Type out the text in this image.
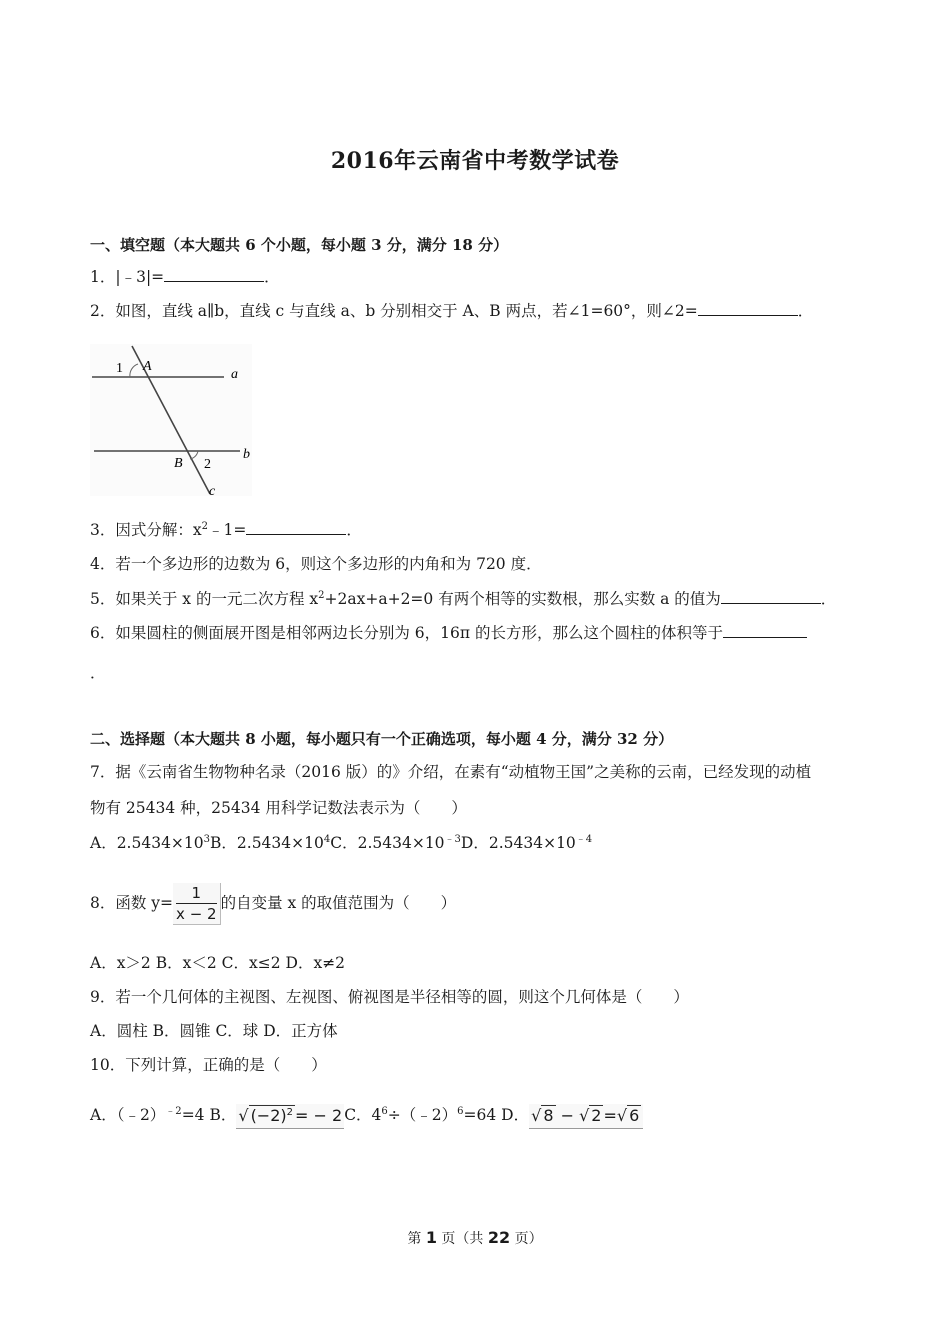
2016年云南省中考数学试卷
一、填空题（本大题共 6 个小题，每小题 3 分，满分 18 分）
1．|﹣3|=	．
2．如图，直线 a∥b，直线 c 与直线 a、b 分别相交于 A、B 两点，若∠1=60°，则∠2=	．
1 A
a
B 2
b
c
3．因式分解：$x^2﹣1=$	．
4．若一个多边形的边数为 6，则这个多边形的内角和为 720 度．
5．如果关于 x 的一元二次方程 $x^2+2ax+a+2=0$ 有两个相等的实数根，那么实数 a 的值为	．
6．如果圆柱的侧面展开图是相邻两边长分别为 6，16π 的长方形，那么这个圆柱的体积等于
．
二、选择题（本大题共 8 小题，每小题只有一个正确选项，每小题 4 分，满分 32 分）
7．据《云南省生物物种名录（2016 版）的》介绍，在素有“动植物王国”之美称的云南，已经发现的动植
物有 25434 种，25434 用科学记数法表示为（　　）
A．$2.5434\times 10^3B$．$2.5434\times 10^4C$．$2.5434\times 10^{﹣3}D$．$2.5434\times 10^{﹣4}$
8．函数 $y= \frac{1}{x - 2}$ 的自变量 x 的取值范围为（　　）
A．x＞2 B．x＜2 C．x≤2 D．x≠2
9．若一个几何体的主视图、左视图、俯视图是半径相等的圆，则这个几何体是（　　）
A．圆柱 B．圆锥 C．球 D．正方体
10．下列计算，正确的是（　　）
A．（﹣2）$^{﹣2}$=4 B． √ $(-2)^2$ = − 2 C．$4^6\div(﹣2)^6=64$ D． √ 8 − √ 2 =√ 6
第 1 页（共 22 页）
